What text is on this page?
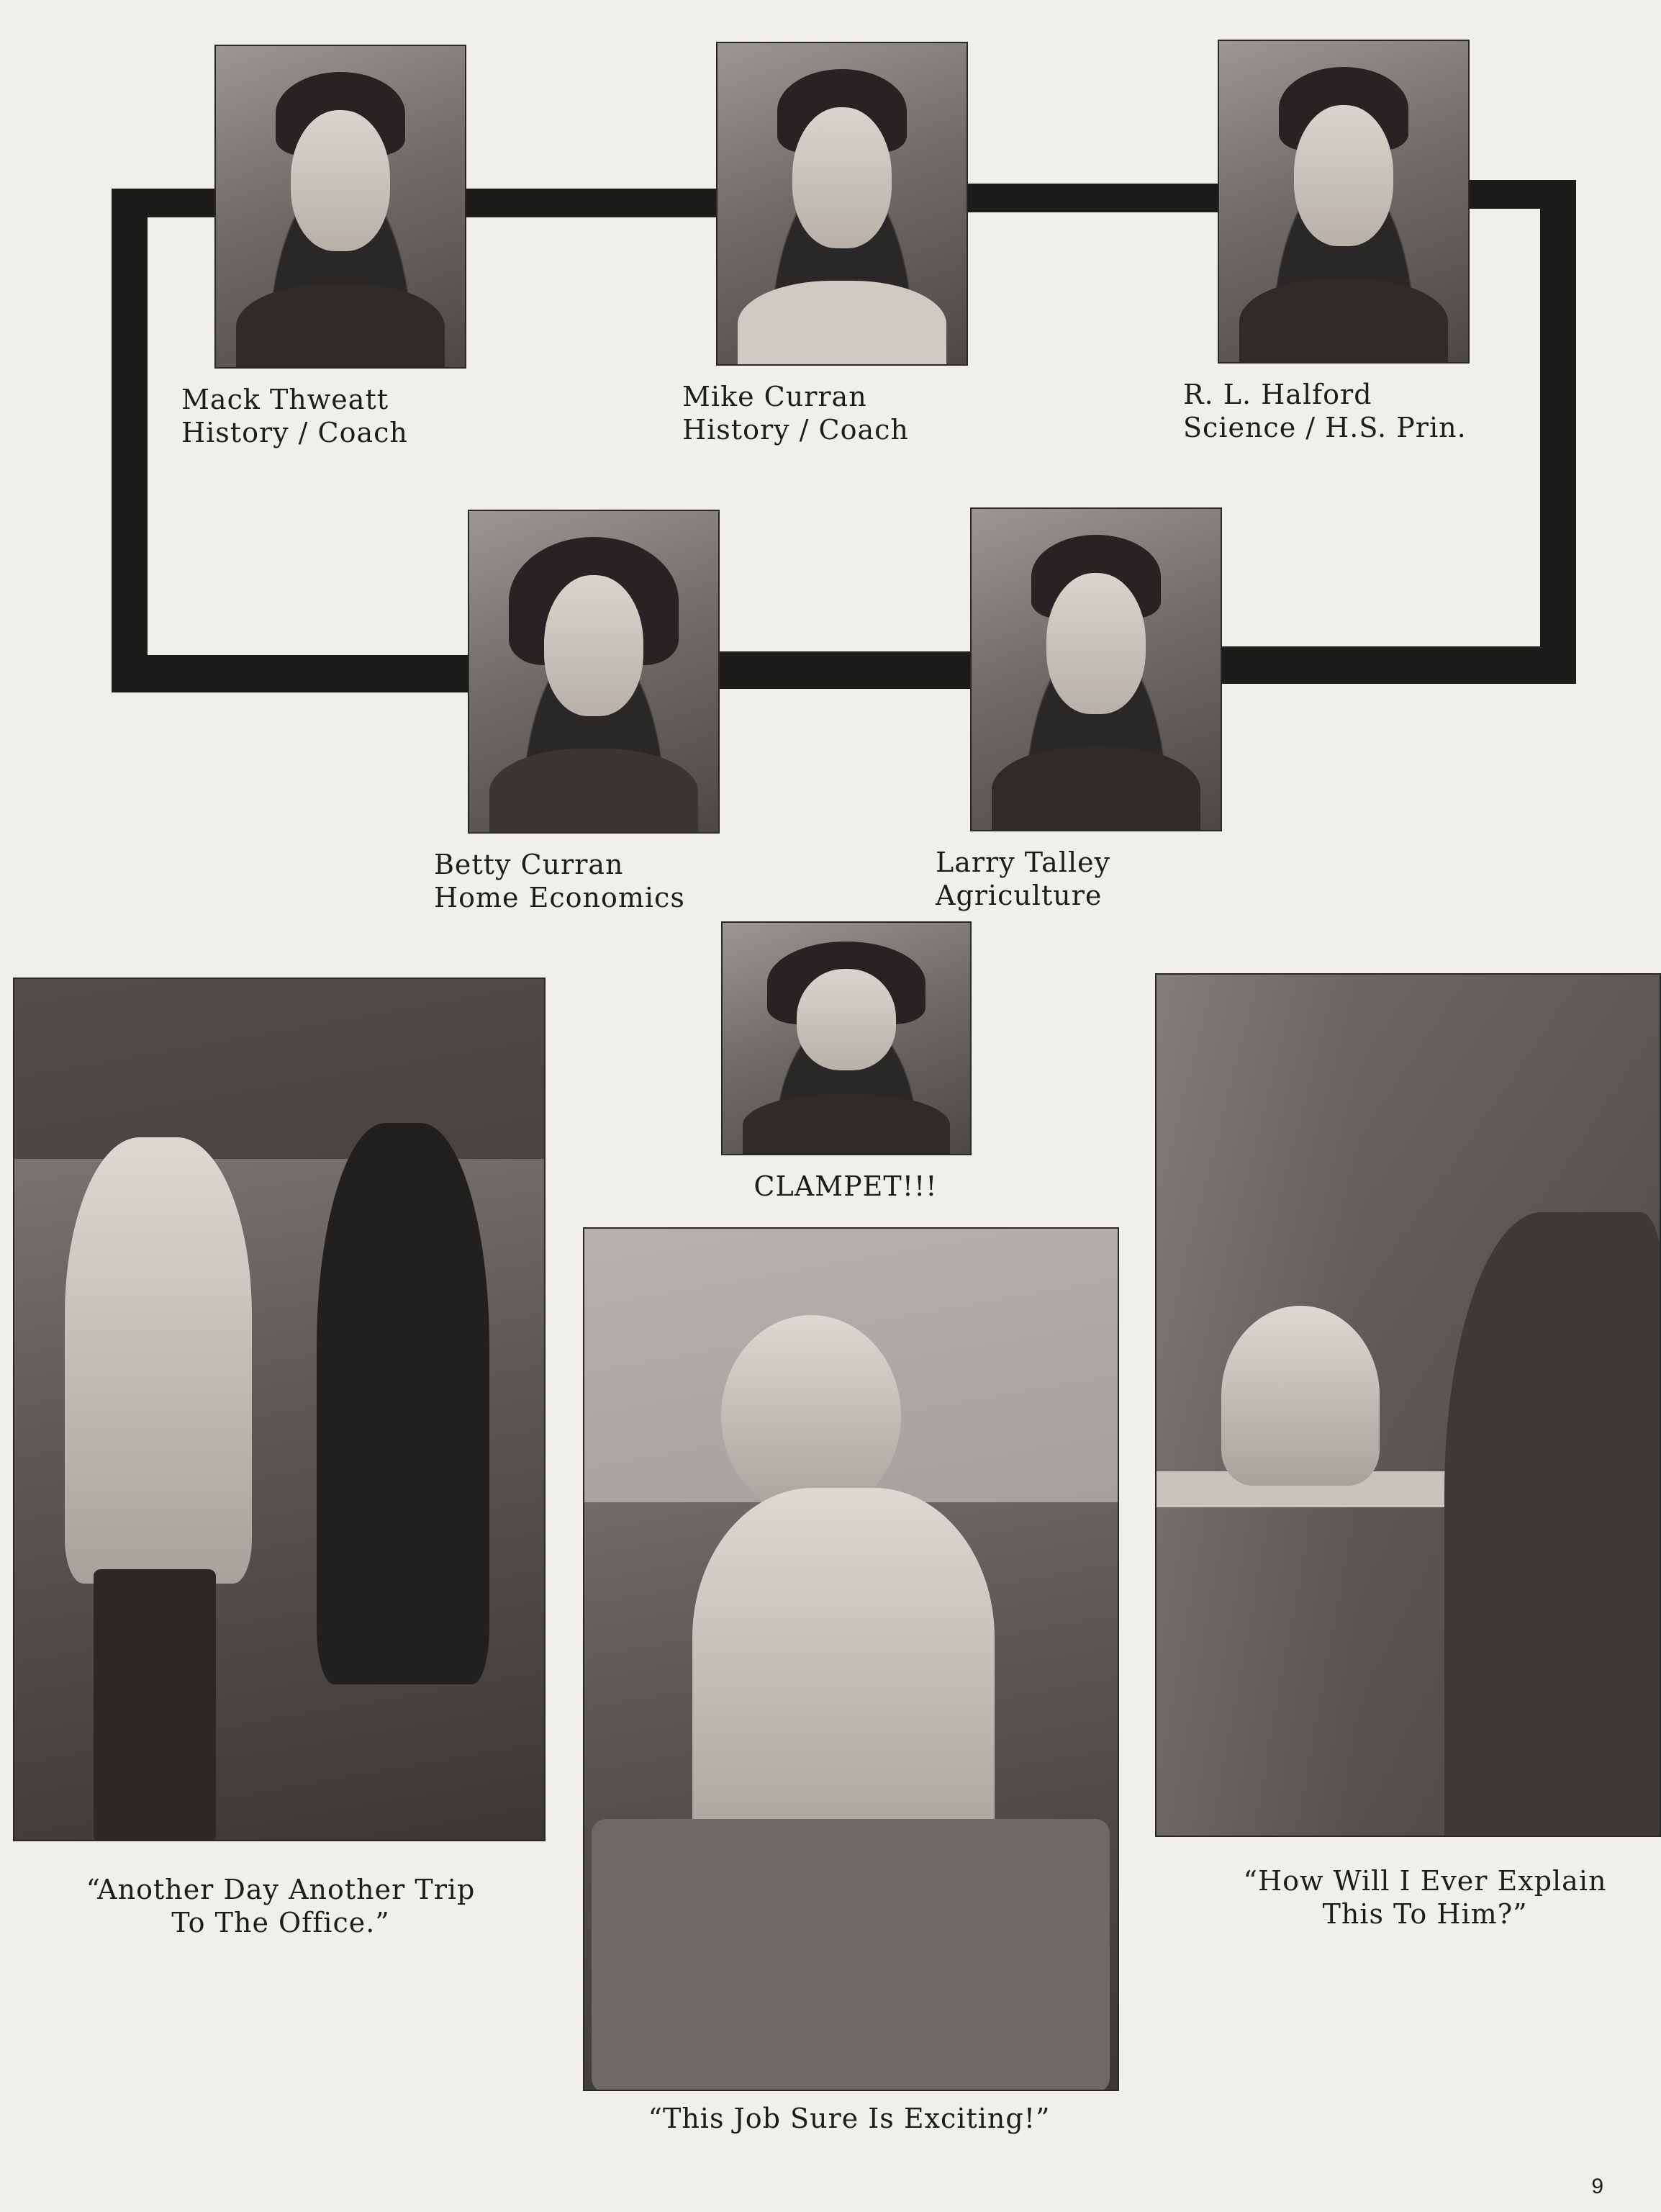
Mack Thweatt
History / Coach
Mike Curran
History / Coach
R. L. Halford
Science / H.S. Prin.
Betty Curran
Home Economics
Larry Talley
Agriculture
CLAMPET!!!
“Another Day Another Trip
To The Office.”
“This Job Sure Is Exciting!”
“How Will I Ever Explain
This To Him?”
9
